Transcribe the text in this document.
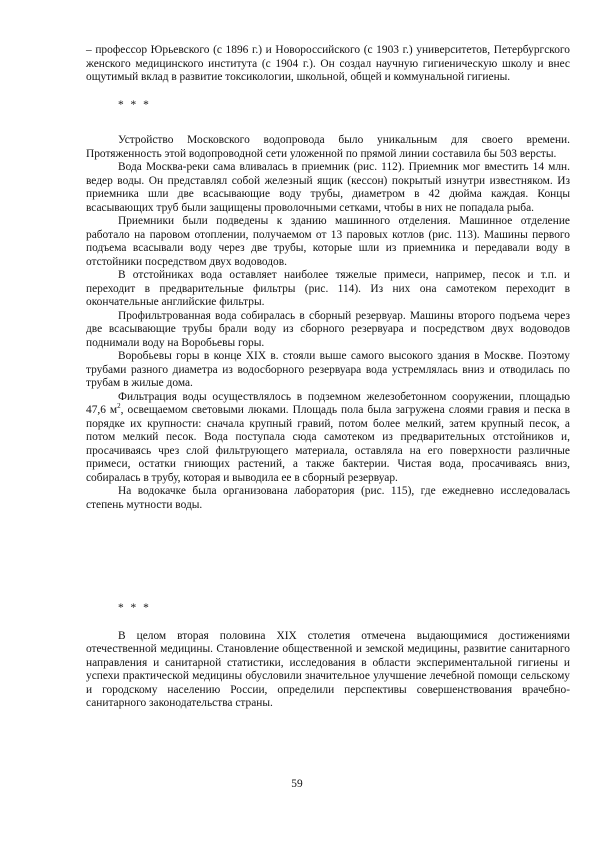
– профессор Юрьевского (с 1896 г.) и Новороссийского (с 1903 г.) университетов, Петербургского женского медицинского института (с 1904 г.). Он создал научную гигиеническую школу и внес ощутимый вклад в развитие токсикологии, школьной, общей и коммунальной гигиены.

* * *

Устройство Московского водопровода было уникальным для своего времени. Протяженность этой водопроводной сети уложенной по прямой линии составила бы 503 версты.

Вода Москва-реки сама вливалась в приемник (рис. 112). Приемник мог вместить 14 млн. ведер воды. Он представлял собой железный ящик (кессон) покрытый изнутри известняком. Из приемника шли две всасывающие воду трубы, диаметром в 42 дюйма каждая. Концы всасывающих труб были защищены проволочными сетками, чтобы в них не попадала рыба.

Приемники были подведены к зданию машинного отделения. Машинное отделение работало на паровом отоплении, получаемом от 13 паровых котлов (рис. 113). Машины первого подъема всасывали воду через две трубы, которые шли из приемника и передавали воду в отстойники посредством двух водоводов.

В отстойниках вода оставляет наиболее тяжелые примеси, например, песок и т.п. и переходит в предварительные фильтры (рис. 114). Из них она самотеком переходит в окончательные английские фильтры.

Профильтрованная вода собиралась в сборный резервуар. Машины второго подъема через две всасывающие трубы брали воду из сборного резервуара и посредством двух водоводов поднимали воду на Воробьевы горы.

Воробьевы горы в конце XIX в. стояли выше самого высокого здания в Москве. Поэтому трубами разного диаметра из водосборного резервуара вода устремлялась вниз и отводилась по трубам в жилые дома.

Фильтрация воды осуществлялось в подземном железобетонном сооружении, площадью 47,6 $м^2$, освещаемом световыми люками. Площадь пола была загружена слоями гравия и песка в порядке их крупности: сначала крупный гравий, потом более мелкий, затем крупный песок, а потом мелкий песок. Вода поступала сюда самотеком из предварительных отстойников и, просачиваясь чрез слой фильтрующего материала, оставляла на его поверхности различные примеси, остатки гниющих растений, а также бактерии. Чистая вода, просачиваясь вниз, собиралась в трубу, которая и выводила ее в сборный резервуар.

На водокачке была организована лаборатория (рис. 115), где ежедневно исследовалась степень мутности воды.

* * *

В целом вторая половина XIX столетия отмечена выдающимися достижениями отечественной медицины. Становление общественной и земской медицины, развитие санитарного направления и санитарной статистики, исследования в области экспериментальной гигиены и успехи практической медицины обусловили значительное улучшение лечебной помощи сельскому и городскому населению России, определили перспективы совершенствования врачебно-санитарного законодательства страны.

59
